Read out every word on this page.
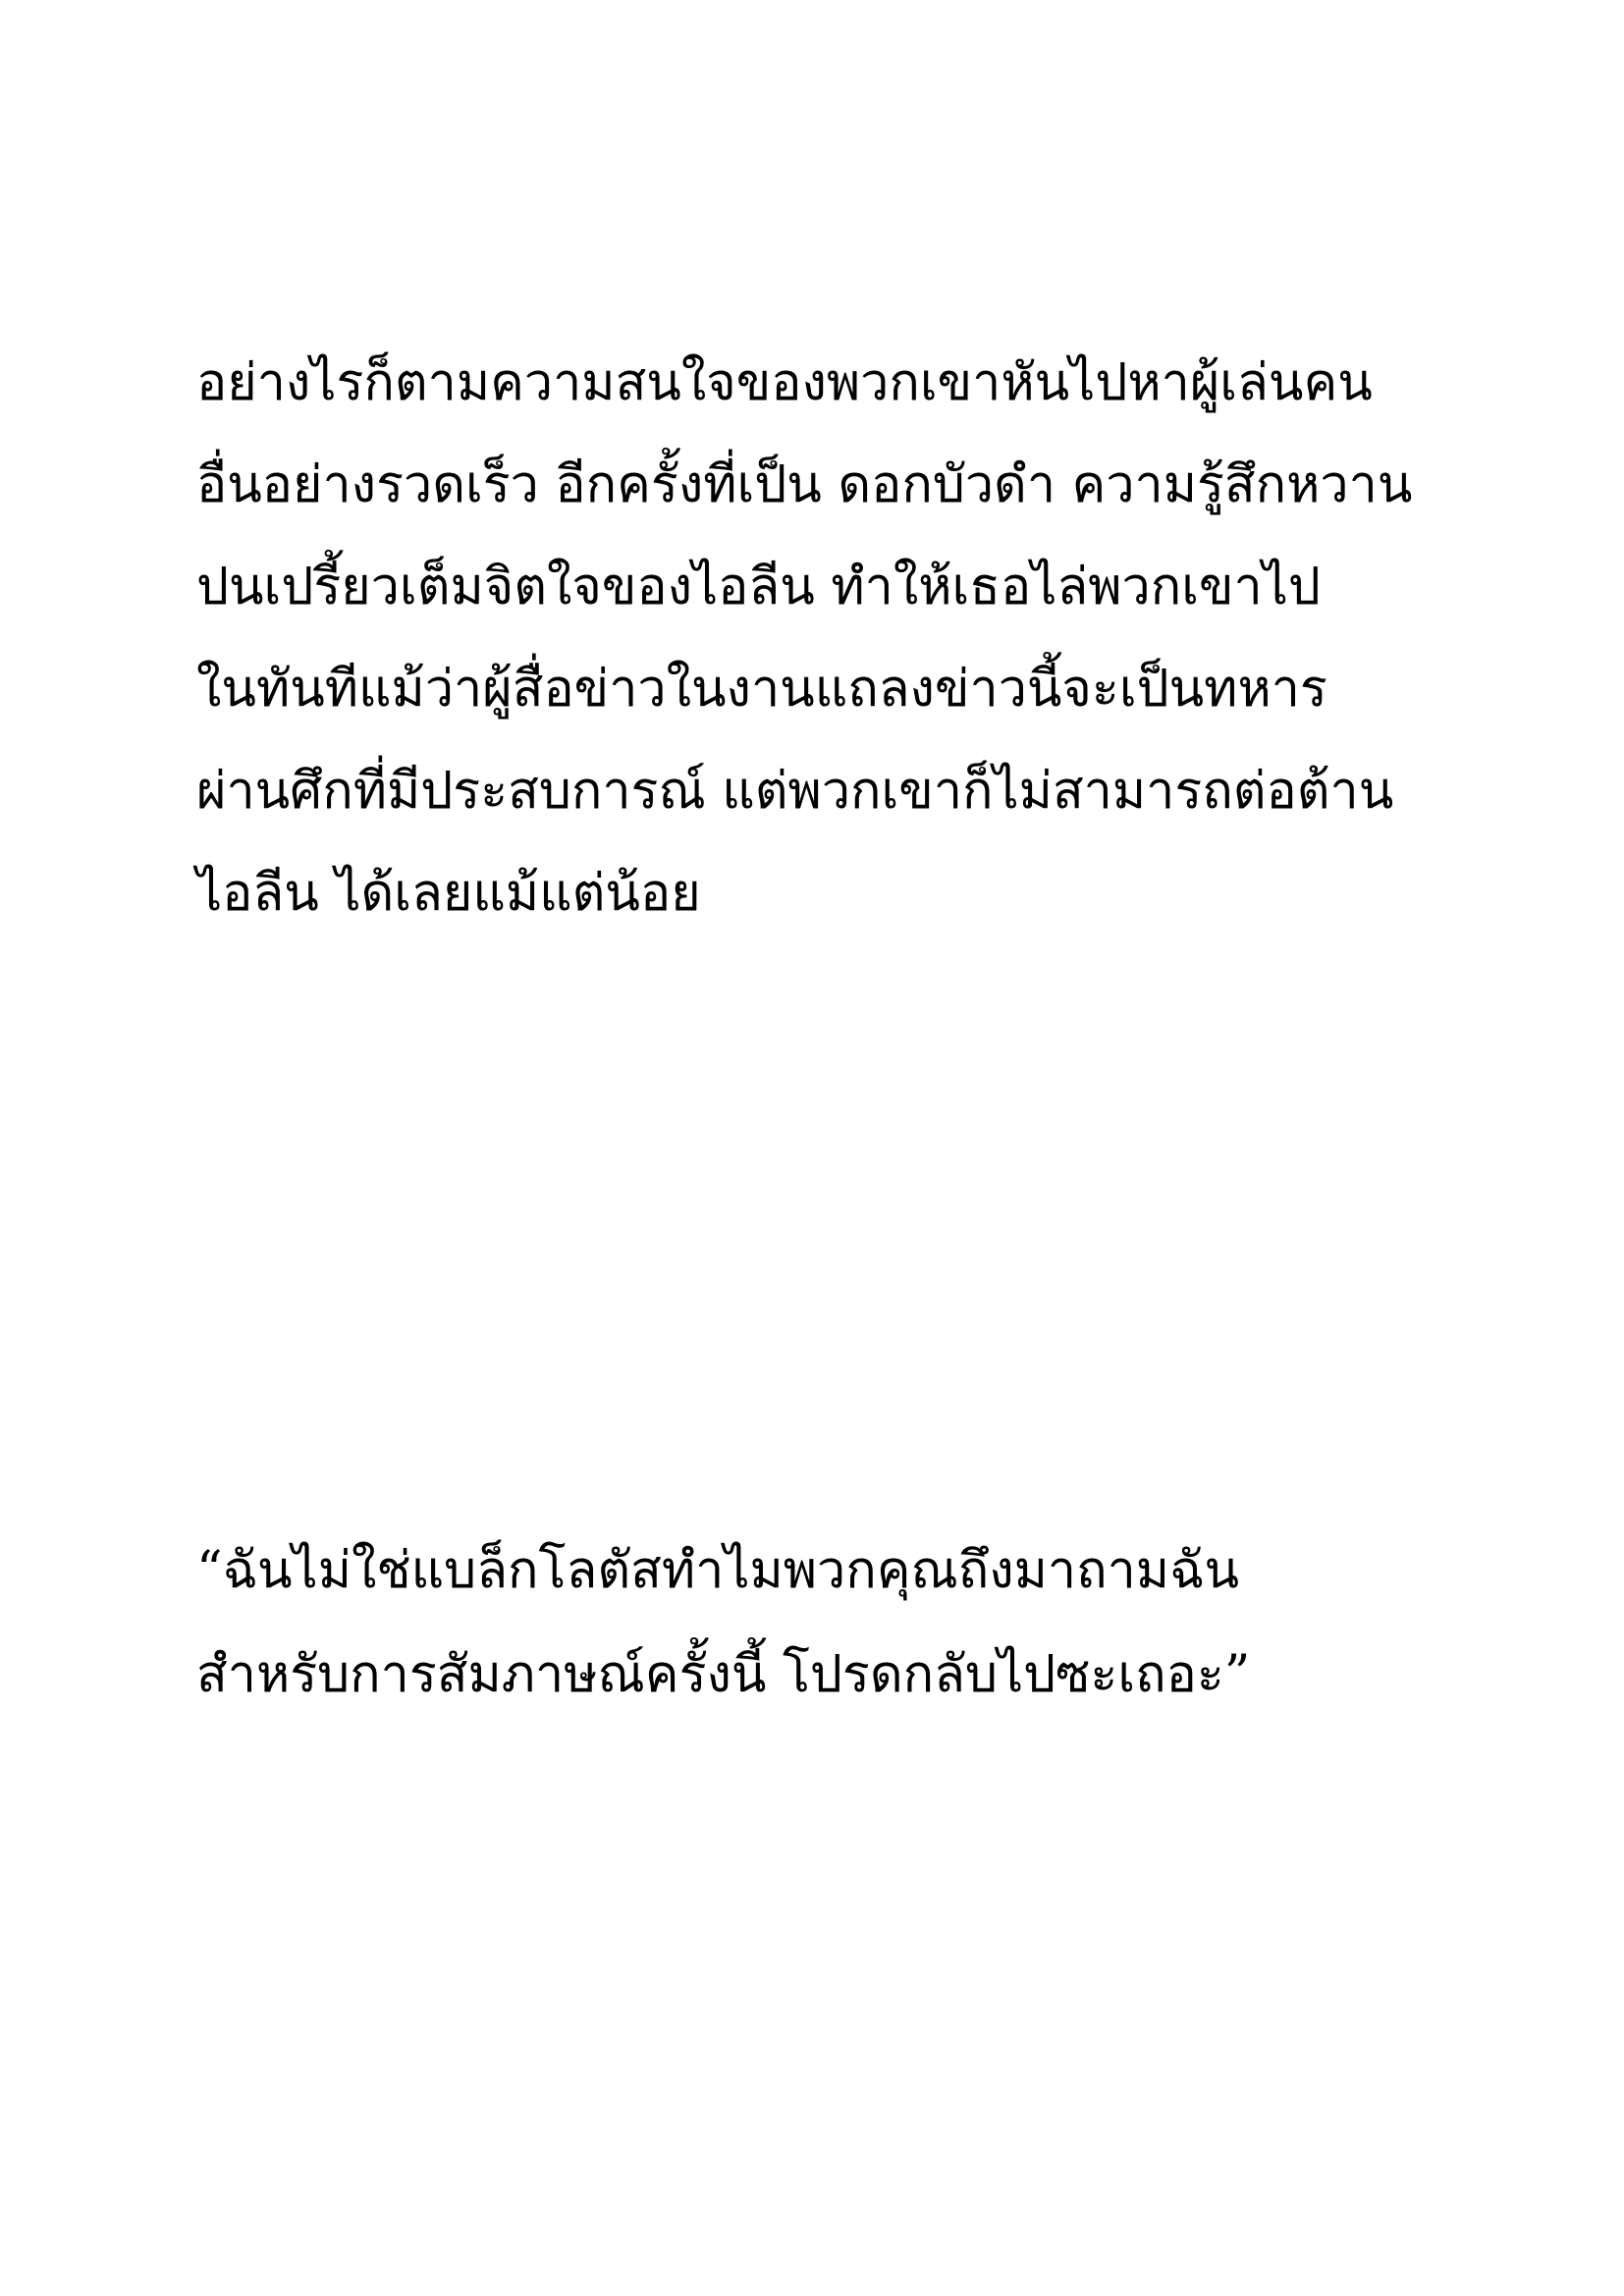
อย่างไรก็ตามความสนใจของพวกเขาหันไปหาผู้เล่นคน
อื่นอย่างรวดเร็ว อีกครั้งที่เป็น ดอกบัวดำ ความรู้สึกหวาน
ปนเปรี้ยวเต็มจิตใจของไอลีน ทำให้เธอไล่พวกเขาไป
ในทันทีแม้ว่าผู้สื่อข่าวในงานแถลงข่าวนี้จะเป็นทหาร
ผ่านศึกที่มีประสบการณ์ แต่พวกเขาก็ไม่สามารถต่อต้าน
ไอลีน ได้เลยแม้แต่น้อย
“ฉันไม่ใช่แบล็กโลตัสทำไมพวกคุณถึงมาถามฉัน
สำหรับการสัมภาษณ์ครั้งนี้ โปรดกลับไปซะเถอะ”
